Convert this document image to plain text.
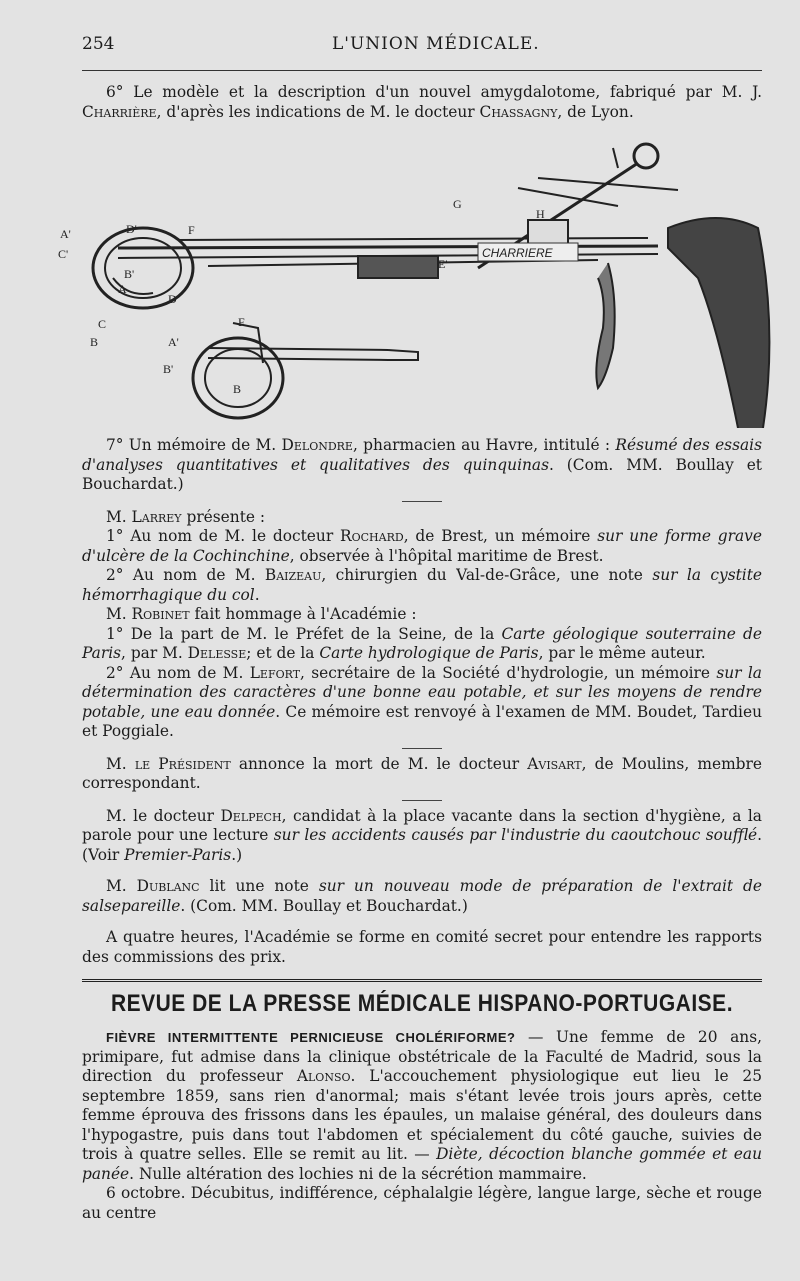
254	L'UNION MÉDICALE.

6° Le modèle et la description d'un nouvel amygdalotome, fabriqué par M. J. Charrière, d'après les indications de M. le docteur Chassagny, de Lyon.

CHARRIERE
A'	D'	F
G
H
C'
E'
B'
A
D
C
B	A'
F
B'
B

7° Un mémoire de M. Delondre, pharmacien au Havre, intitulé : Résumé des essais d'analyses quantitatives et qualitatives des quinquinas. (Com. MM. Boullay et Bouchardat.)

M. Larrey présente :

1° Au nom de M. le docteur Rochard, de Brest, un mémoire sur une forme grave d'ulcère de la Cochinchine, observée à l'hôpital maritime de Brest.

2° Au nom de M. Baizeau, chirurgien du Val-de-Grâce, une note sur la cystite hémorrhagique du col.

M. Robinet fait hommage à l'Académie :

1° De la part de M. le Préfet de la Seine, de la Carte géologique souterraine de Paris, par M. Delesse; et de la Carte hydrologique de Paris, par le même auteur.

2° Au nom de M. Lefort, secrétaire de la Société d'hydrologie, un mémoire sur la détermination des caractères d'une bonne eau potable, et sur les moyens de rendre potable, une eau donnée. Ce mémoire est renvoyé à l'examen de MM. Boudet, Tardieu et Poggiale.

M. le Président annonce la mort de M. le docteur Avisart, de Moulins, membre correspondant.

M. le docteur Delpech, candidat à la place vacante dans la section d'hygiène, a la parole pour une lecture sur les accidents causés par l'industrie du caoutchouc soufflé. (Voir Premier-Paris.)

M. Dublanc lit une note sur un nouveau mode de préparation de l'extrait de salsepareille. (Com. MM. Boullay et Bouchardat.)

A quatre heures, l'Académie se forme en comité secret pour entendre les rapports des commissions des prix.

REVUE DE LA PRESSE MÉDICALE HISPANO-PORTUGAISE.

FIÈVRE INTERMITTENTE PERNICIEUSE CHOLÉRIFORME? — Une femme de 20 ans, primipare, fut admise dans la clinique obstétricale de la Faculté de Madrid, sous la direction du professeur Alonso. L'accouchement physiologique eut lieu le 25 septembre 1859, sans rien d'anormal; mais s'étant levée trois jours après, cette femme éprouva des frissons dans les épaules, un malaise général, des douleurs dans l'hypogastre, puis dans tout l'abdomen et spécialement du côté gauche, suivies de trois à quatre selles. Elle se remit au lit. — Diète, décoction blanche gommée et eau panée. Nulle altération des lochies ni de la sécrétion mammaire.

6 octobre. Décubitus, indifférence, céphalalgie légère, langue large, sèche et rouge au centre
